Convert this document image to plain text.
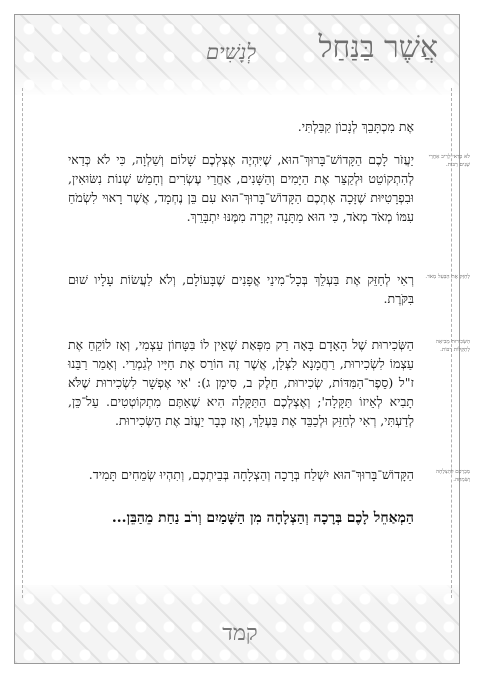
אֲשֶׁר בַּנַּחַל
לְנָשִׁים
אֶת מִכְתָּבֵךְ לְנָכוֹן קִבַּלְתִּי.
יַעֲזֹר לָכֶם הַקָּדוֹשׁ־בָּרוּךְ־הוּא, שֶׁיִּהְיֶה אֶצְלְכֶם שָׁלוֹם וְשַׁלְוָה, כִּי לֹא כְּדַאי לְהִתְקוֹטֵט וּלְקַצֵּר אֶת הַיָּמִים וְהַשָּׁנִים, אַחֲרֵי עֶשְׂרִים וְחָמֵשׁ שְׁנוֹת נִשּׂוּאִין, וּבִפְרָטִיּוּת שֶׁזָּכָה אֶתְכֶם הַקָּדוֹשׁ־בָּרוּךְ־הוּא עִם בֵּן נֶחְמָד, אֲשֶׁר רָאוּי לִשְׂמֹחַ עִמּוֹ מְאֹד מְאֹד, כִּי הוּא מַתָּנָה יְקָרָה מִמֶּנּוּ יִתְבָּרֵךְ.
רְאִי לְחַזֵּק אֶת בַּעְלֵךְ בְּכָל־מִינֵי אֳפָנִים שֶׁבָּעוֹלָם, וְלֹא לַעֲשׂוֹת עָלָיו שׁוּם בִּקֹּרֶת.
הַשְּׂכִירוּת שֶׁל הָאָדָם בָּאָה רַק מִפְּאַת שֶׁאֵין לוֹ בִּטָּחוֹן עַצְמִי, וְאָז לוֹקֵחַ אֶת עַצְמוֹ לִשְׂכִירוּת, רַחֲמָנָא לִצְּלַן, אֲשֶׁר זֶה הוֹרֵס אֶת חַיָּיו לְגַמְרֵי. וְאָמַר רַבֵּנוּ ז"ל (סֵפֶר־הַמִּדּוֹת, שְׂכִירוּת, חֵלֶק ב, סִימָן ג): 'אִי אֶפְשָׁר לִשְׂכִירוּת שֶׁלֹּא תָבִיא לְאֵיזוֹ תַּקָּלָה'; וְאֶצְלְכֶם הַתַּקָּלָה הִיא שֶׁאַתֶּם מִתְקוֹטְטִים. עַל־כֵּן, לְדַעְתִּי, רְאִי לְחַזֵּק וּלְכַבֵּד אֶת בַּעְלֵךְ, וְאָז כְּבָר יַעֲזֹב אֶת הַשְּׂכִירוּת.
הַקָּדוֹשׁ־בָּרוּךְ־הוּא יִשְׁלַח בְּרָכָה וְהַצְלָחָה בְּבֵיתְכֶם, וְתִהְיוּ שְׂמֵחִים תָּמִיד.
הַמְאַחֵל לָכֶם בְּרָכָה וְהַצְלָחָה מִן הַשָּׁמַיִם וְרֹב נַחַת מֵהַבֵּן...
לֹא כְּדַאי לָרִיב אַחֲרֵי שָׁנִים רַבּוֹת.
לְחַזֵּק אֶת הַבַּעַל מְאֹד.
הַשְּׂכִירוּת מְבִיאָה לְתַקָּלוֹת רַבּוֹת.
מְבָרְכָם לְהַצְלָחָה וְשִׂמְחָה.
קמד
